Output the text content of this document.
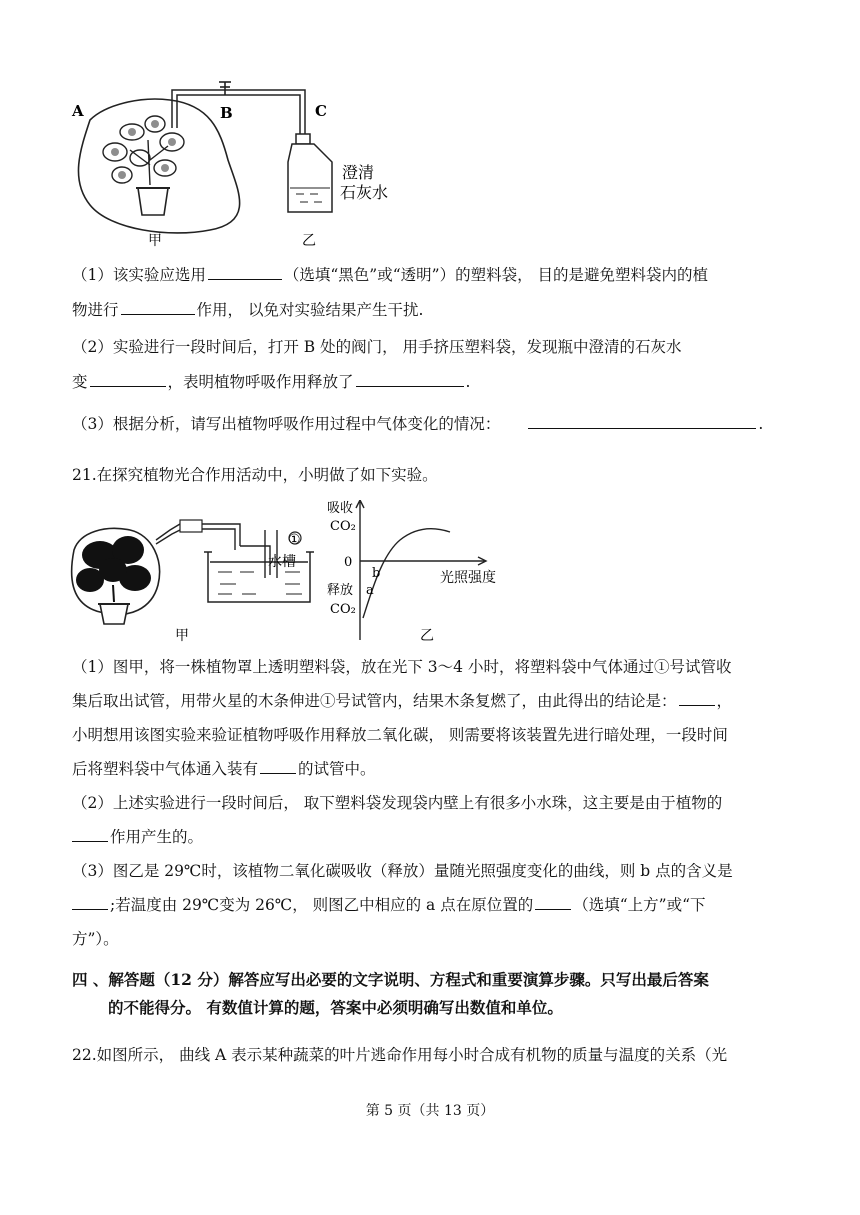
A	B	C
澄清
石灰水
甲	乙
（1）该实验应选用	（选填“黑色”或“透明”）的塑料袋， 目的是避免塑料袋内的植
物进行	作用， 以免对实验结果产生干扰.
（2）实验进行一段时间后，打开 B 处的阀门， 用手挤压塑料袋，发现瓶中澄清的石灰水
变	，表明植物呼吸作用释放了	.
（3）根据分析，请写出植物呼吸作用过程中气体变化的情况：	.
21.在探究植物光合作用活动中，小明做了如下实验。
①
水槽
吸收
CO₂
0
释放
CO₂
a
b	光照强度
甲	乙
（1）图甲，将一株植物罩上透明塑料袋，放在光下 3～4 小时，将塑料袋中气体通过①号试管收
集后取出试管，用带火星的木条伸进①号试管内，结果木条复燃了，由此得出的结论是：	，
小明想用该图实验来验证植物呼吸作用释放二氧化碳， 则需要将该装置先进行暗处理，一段时间
后将塑料袋中气体通入装有	的试管中。
（2）上述实验进行一段时间后， 取下塑料袋发现袋内壁上有很多小水珠，这主要是由于植物的
作用产生的。
（3）图乙是 29℃时，该植物二氧化碳吸收（释放）量随光照强度变化的曲线，则 b 点的含义是
;若温度由 29℃变为 26℃， 则图乙中相应的 a 点在原位置的	（选填“上方”或“下
方”）。
四 、解答题（12 分）解答应写出必要的文字说明、方程式和重要演算步骤。只写出最后答案
的不能得分。 有数值计算的题，答案中必须明确写出数值和单位。
22.如图所示， 曲线 A 表示某种蔬菜的叶片逃命作用每小时合成有机物的质量与温度的关系（光
第 5 页（共 13 页）
